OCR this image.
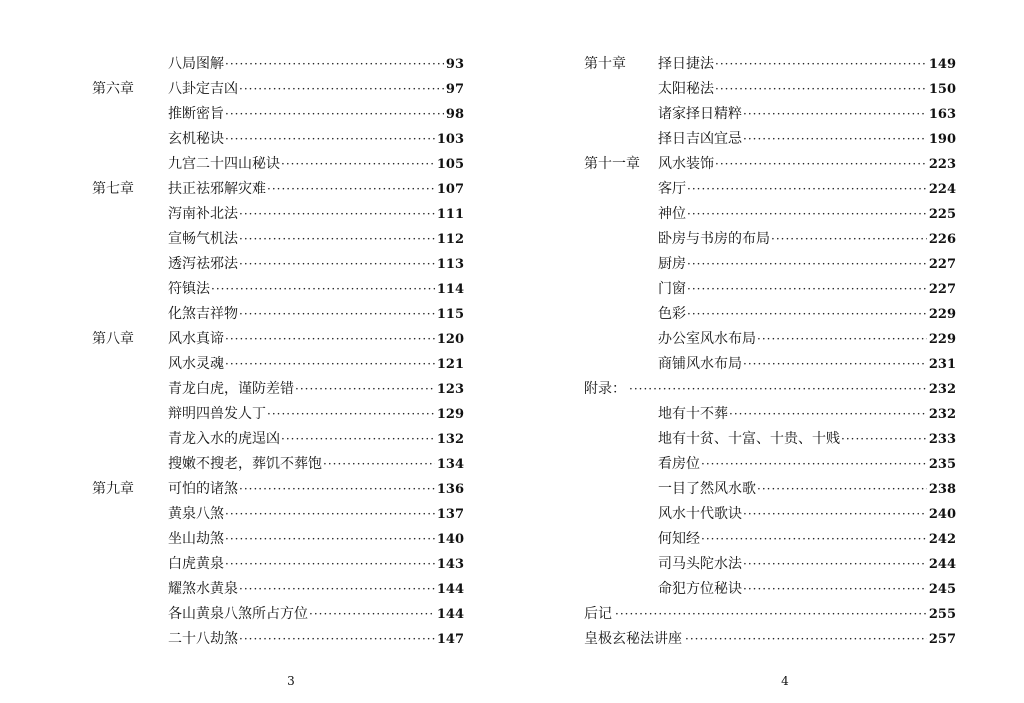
八局图解 ·····	93
第六章 八卦定吉凶 ·····	97
推断密旨 ·····	98
玄机秘诀 ·····	103
九宫二十四山秘诀 ·····	105
第七章 扶正祛邪解灾难 ·····	107
泻南补北法 ·····	111
宣畅气机法 ·····	112
透泻祛邪法 ·····	113
符镇法 ·····	114
化煞吉祥物 ·····	115
第八章 风水真谛 ·····	120
风水灵魂 ·····	121
青龙白虎，谨防差错 ·····	123
辩明四兽发人丁 ·····	129
青龙入水的虎逞凶 ·····	132
搜嫩不搜老，葬饥不葬饱 ·····	134
第九章 可怕的诸煞 ·····	136
黄泉八煞 ·····	137
坐山劫煞 ·····	140
白虎黄泉 ·····	143
耀煞水黄泉 ·····	144
各山黄泉八煞所占方位 ·····	144
二十八劫煞 ·····	147
3
第十章 择日捷法 ·····	149
太阳秘法 ·····	150
诸家择日精粹 ·····	163
择日吉凶宜忌 ·····	190
第十一章 风水装饰 ·····	223
客厅 ·····	224
神位 ·····	225
卧房与书房的布局 ·····	226
厨房 ·····	227
门窗 ·····	227
色彩 ·····	229
办公室风水布局 ·····	229
商铺风水布局 ·····	231
附录： ·····	232
地有十不葬 ·····	232
地有十贫、十富、十贵、十贱 ·····	233
看房位 ·····	235
一目了然风水歌 ·····	238
风水十代歌诀 ·····	240
何知经 ·····	242
司马头陀水法 ·····	244
命犯方位秘诀 ·····	245
后记 ·····	255
皇极玄秘法讲座 ·····	257
4
